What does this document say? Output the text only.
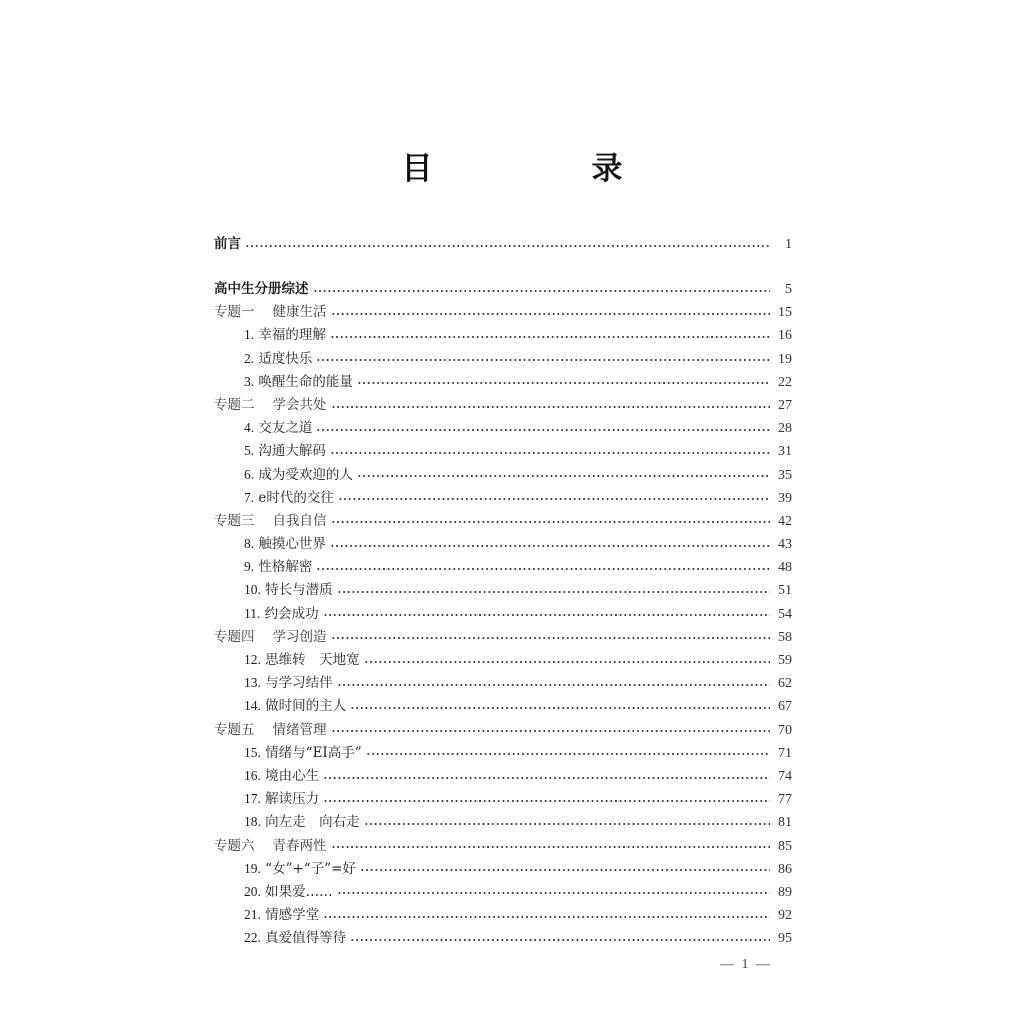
目　录
前言	1
高中生分册综述	5
专题一 健康生活	15
1. 幸福的理解	16
2. 适度快乐	19
3. 唤醒生命的能量	22
专题二 学会共处	27
4. 交友之道	28
5. 沟通大解码	31
6. 成为受欢迎的人	35
7. e时代的交往	39
专题三 自我自信	42
8. 触摸心世界	43
9. 性格解密	48
10. 特长与潜质	51
11. 约会成功	54
专题四 学习创造	58
12. 思维转　天地宽	59
13. 与学习结伴	62
14. 做时间的主人	67
专题五 情绪管理	70
15. 情绪与“EI高手”	71
16. 境由心生	74
17. 解读压力	77
18. 向左走　向右走	81
专题六 青春两性	85
19. “女”+“子”=好	86
20. 如果爱……	89
21. 情感学堂	92
22. 真爱值得等待	95
— 1 —
